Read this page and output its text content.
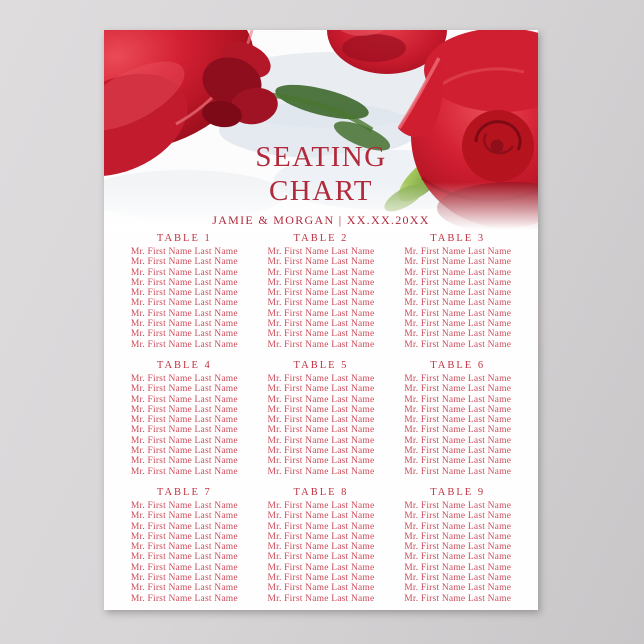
SEATING
CHART
JAMIE & MORGAN | XX.XX.20XX
TABLE 1
Mr. First Name Last Name
Mr. First Name Last Name
Mr. First Name Last Name
Mr. First Name Last Name
Mr. First Name Last Name
Mr. First Name Last Name
Mr. First Name Last Name
Mr. First Name Last Name
Mr. First Name Last Name
Mr. First Name Last Name
TABLE 2
Mr. First Name Last Name
Mr. First Name Last Name
Mr. First Name Last Name
Mr. First Name Last Name
Mr. First Name Last Name
Mr. First Name Last Name
Mr. First Name Last Name
Mr. First Name Last Name
Mr. First Name Last Name
Mr. First Name Last Name
TABLE 3
Mr. First Name Last Name
Mr. First Name Last Name
Mr. First Name Last Name
Mr. First Name Last Name
Mr. First Name Last Name
Mr. First Name Last Name
Mr. First Name Last Name
Mr. First Name Last Name
Mr. First Name Last Name
Mr. First Name Last Name
TABLE 4
Mr. First Name Last Name
Mr. First Name Last Name
Mr. First Name Last Name
Mr. First Name Last Name
Mr. First Name Last Name
Mr. First Name Last Name
Mr. First Name Last Name
Mr. First Name Last Name
Mr. First Name Last Name
Mr. First Name Last Name
TABLE 5
Mr. First Name Last Name
Mr. First Name Last Name
Mr. First Name Last Name
Mr. First Name Last Name
Mr. First Name Last Name
Mr. First Name Last Name
Mr. First Name Last Name
Mr. First Name Last Name
Mr. First Name Last Name
Mr. First Name Last Name
TABLE 6
Mr. First Name Last Name
Mr. First Name Last Name
Mr. First Name Last Name
Mr. First Name Last Name
Mr. First Name Last Name
Mr. First Name Last Name
Mr. First Name Last Name
Mr. First Name Last Name
Mr. First Name Last Name
Mr. First Name Last Name
TABLE 7
Mr. First Name Last Name
Mr. First Name Last Name
Mr. First Name Last Name
Mr. First Name Last Name
Mr. First Name Last Name
Mr. First Name Last Name
Mr. First Name Last Name
Mr. First Name Last Name
Mr. First Name Last Name
Mr. First Name Last Name
TABLE 8
Mr. First Name Last Name
Mr. First Name Last Name
Mr. First Name Last Name
Mr. First Name Last Name
Mr. First Name Last Name
Mr. First Name Last Name
Mr. First Name Last Name
Mr. First Name Last Name
Mr. First Name Last Name
Mr. First Name Last Name
TABLE 9
Mr. First Name Last Name
Mr. First Name Last Name
Mr. First Name Last Name
Mr. First Name Last Name
Mr. First Name Last Name
Mr. First Name Last Name
Mr. First Name Last Name
Mr. First Name Last Name
Mr. First Name Last Name
Mr. First Name Last Name
